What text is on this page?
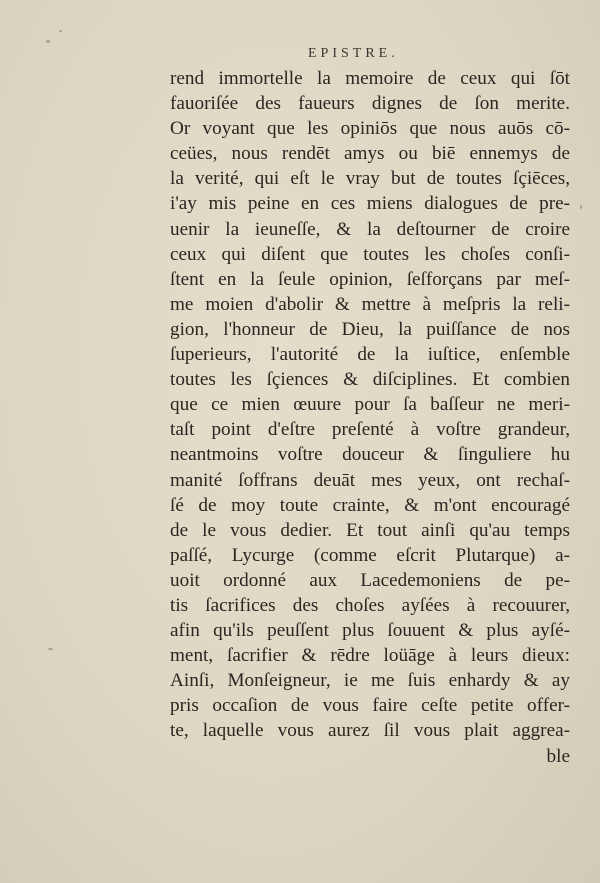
EPISTRE.
rend immortelle la memoire de ceux qui ſōt
fauoriſée des faueurs dignes de ſon merite.
Or voyant que les opiniōs que nous auōs cō-
ceües, nous rendēt amys ou biē ennemys de
la verité, qui eſt le vray but de toutes ſçiēces,
i'ay mis peine en ces miens dialogues de pre-
uenir la ieuneſſe, & la deſtourner de croire
ceux qui diſent que toutes les choſes conſi-
ſtent en la ſeule opinion, ſeſforçans par meſ-
me moien d'abolir & mettre à meſpris la reli-
gion, l'honneur de Dieu, la puiſſance de nos
ſuperieurs, l'autorité de la iuſtice, enſemble
toutes les ſçiences & diſciplines. Et combien
que ce mien œuure pour ſa baſſeur ne meri-
taſt point d'eſtre preſenté à voſtre grandeur,
neantmoins voſtre douceur & ſinguliere hu
manité ſoffrans deuāt mes yeux, ont rechaſ-
ſé de moy toute crainte, & m'ont encouragé
de le vous dedier. Et tout ainſi qu'au temps
paſſé, Lycurge (comme eſcrit Plutarque) a-
uoit ordonné aux Lacedemoniens de pe-
tis ſacrifices des choſes ayſées à recouurer,
afin qu'ils peuſſent plus ſouuent & plus ayſé-
ment, ſacrifier & rēdre loüāge à leurs dieux:
Ainſi, Monſeigneur, ie me ſuis enhardy & ay
pris occaſion de vous faire ceſte petite offer-
te, laquelle vous aurez ſil vous plait aggrea-
ble
